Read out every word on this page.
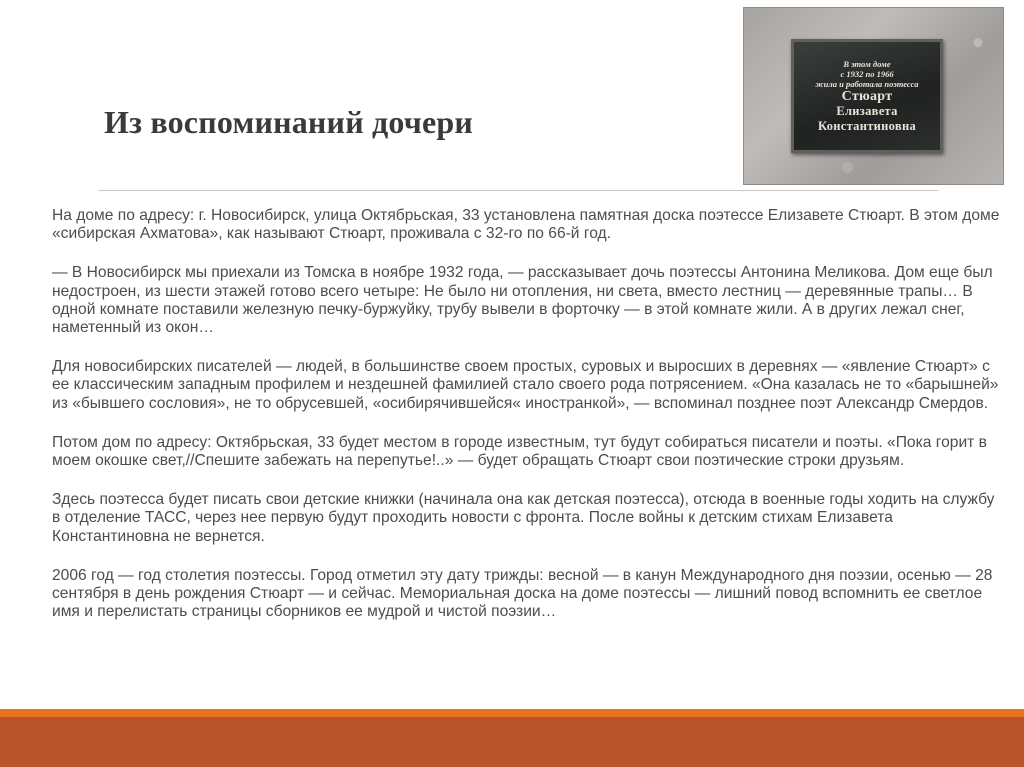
В этом доме
с 1932 по 1966
жила и работала поэтесса
Стюарт
Елизавета
Константиновна
Из воспоминаний дочери

На доме по адресу: г. Новосибирск, улица Октябрьская, 33 установлена памятная доска поэтессе Елизавете Стюарт. В этом доме «сибирская Ахматова», как называют Стюарт, проживала с 32-го по 66-й год.

— В Новосибирск мы приехали из Томска в ноябре 1932 года, — рассказывает дочь поэтессы Антонина Меликова. Дом еще был недостроен, из шести этажей готово всего четыре: Не было ни отопления, ни света, вместо лестниц — деревянные трапы… В одной комнате поставили железную печку-буржуйку, трубу вывели в форточку — в этой комнате жили. А в других лежал снег, наметенный из окон…

Для новосибирских писателей — людей, в большинстве своем простых, суровых и выросших в деревнях — «явление Стюарт» с ее классическим западным профилем и нездешней фамилией стало своего рода потрясением. «Она казалась не то «барышней» из «бывшего сословия», не то обрусевшей, «осибирячившейся« иностранкой», — вспоминал позднее поэт Александр Смердов.

Потом дом по адресу: Октябрьская, 33 будет местом в городе известным, тут будут собираться писатели и поэты. «Пока горит в моем окошке свет,//Спешите забежать на перепутье!..» — будет обращать Стюарт свои поэтические строки друзьям.

Здесь поэтесса будет писать свои детские книжки (начинала она как детская поэтесса), отсюда в военные годы ходить на службу в отделение ТАСС, через нее первую будут проходить новости с фронта. После войны к детским стихам Елизавета Константиновна не вернется.

2006 год — год столетия поэтессы. Город отметил эту дату трижды: весной — в канун Международного дня поэзии, осенью — 28 сентября в день рождения Стюарт — и сейчас. Мемориальная доска на доме поэтессы — лишний повод вспомнить ее светлое имя и перелистать страницы сборников ее мудрой и чистой поэзии…
